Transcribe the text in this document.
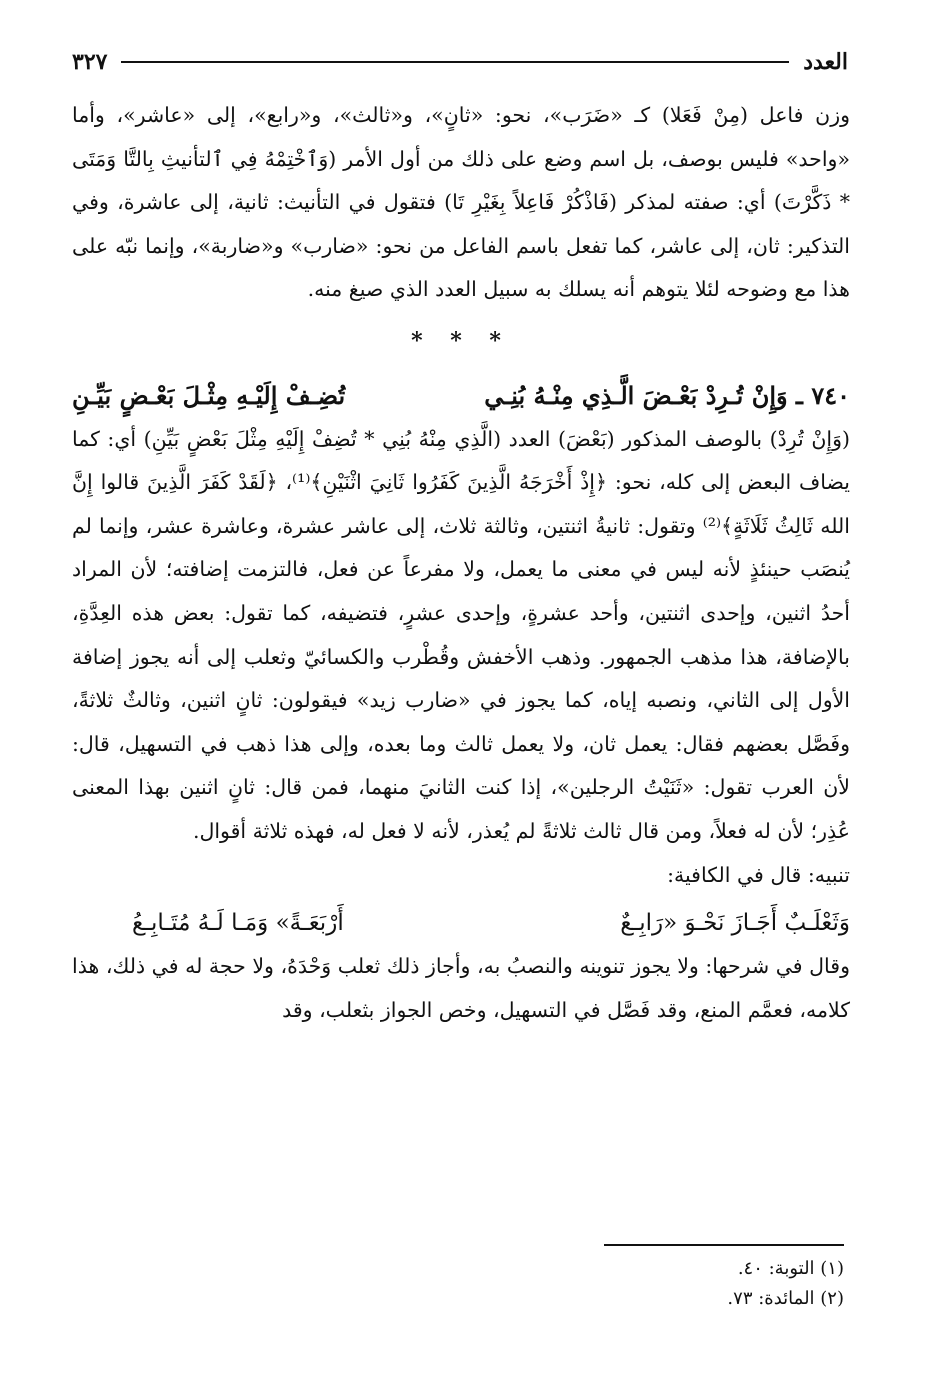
العدد
٣٢٧

وزن فاعل (مِنْ فَعَلا) كـ «ضَرَب»، نحو: «ثانٍ»، و«ثالث»، و«رابع»، إلى «عاشر»، وأما «واحد» فليس بوصف، بل اسم وضع على ذلك من أول الأمر (وَٱخْتِمْهُ فِي ٱلتأنيثِ بِالتَّا وَمَتَى * ذَكَّرْتَ) أي: صفته لمذكر (فَاذْكُرْ فَاعِلاً بِغَيْرِ تَا) فتقول في التأنيث: ثانية، إلى عاشرة، وفي التذكير: ثان، إلى عاشر، كما تفعل باسم الفاعل من نحو: «ضارب» و«ضاربة»، وإنما نبّه على هذا مع وضوحه لئلا يتوهم أنه يسلك به سبيل العدد الذي صيغ منه.

* * *
٧٤٠ ـ وَإِنْ تُـرِدْ بَعْـضَ الَّـذِي مِنْـهُ بُنِـي
تُضِـفْ إِلَيْـهِ مِثْـلَ بَعْـضٍ بَيِّـنِ

(وَإِنْ تُرِدْ) بالوصف المذكور (بَعْضَ) العدد (الَّذِي مِنْهُ بُنِي * تُضِفْ إِلَيْهِ مِثْلَ بَعْضٍ بَيِّنِ) أي: كما يضاف البعض إلى كله، نحو: ﴿إِذْ أَخْرَجَهُ الَّذِينَ كَفَرُوا ثَانِيَ اثْنَيْنِ﴾⁽¹⁾، ﴿لَقَدْ كَفَرَ الَّذِينَ قالوا إِنَّ الله ثَالِثُ ثَلَاثَةٍ﴾⁽²⁾ وتقول: ثانيةُ اثنتين، وثالثة ثلاث، إلى عاشر عشرة، وعاشرة عشر، وإنما لم يُنصَب حينئذٍ لأنه ليس في معنى ما يعمل، ولا مفرعاً عن فعل، فالتزمت إضافته؛ لأن المراد أحدُ اثنين، وإحدى اثنتين، وأحد عشرةٍ، وإحدى عشرٍ، فتضيفه، كما تقول: بعض هذه العِدَّةِ، بالإضافة، هذا مذهب الجمهور. وذهب الأخفش وقُطْرب والكسائيّ وثعلب إلى أنه يجوز إضافة الأول إلى الثاني، ونصبه إياه، كما يجوز في «ضارب زيد» فيقولون: ثانٍ اثنين، وثالثٌ ثلاثةً، وفَصَّل بعضهم فقال: يعمل ثان، ولا يعمل ثالث وما بعده، وإلى هذا ذهب في التسهيل، قال: لأن العرب تقول: «ثَنَيْتُ الرجلين»، إذا كنت الثانيَ منهما، فمن قال: ثانٍ اثنين بهذا المعنى عُذِر؛ لأن له فعلاً، ومن قال ثالث ثلاثةً لم يُعذر، لأنه لا فعل له، فهذه ثلاثة أقوال.

تنبيه: قال في الكافية:

وَثَعْلَـبٌ أَجَـازَ نَحْـوَ «رَابِـعٌ
أَرْبَعَـةً» وَمَـا لَـهُ مُتَـابِـعُ

وقال في شرحها: ولا يجوز تنوينه والنصبُ به، وأجاز ذلك ثعلب وَحْدَهُ، ولا حجة له في ذلك، هذا كلامه، فعمَّم المنع، وقد فَصَّل في التسهيل، وخص الجواز بثعلب، وقد

(١) التوبة: ٤٠.
(٢) المائدة: ٧٣.
